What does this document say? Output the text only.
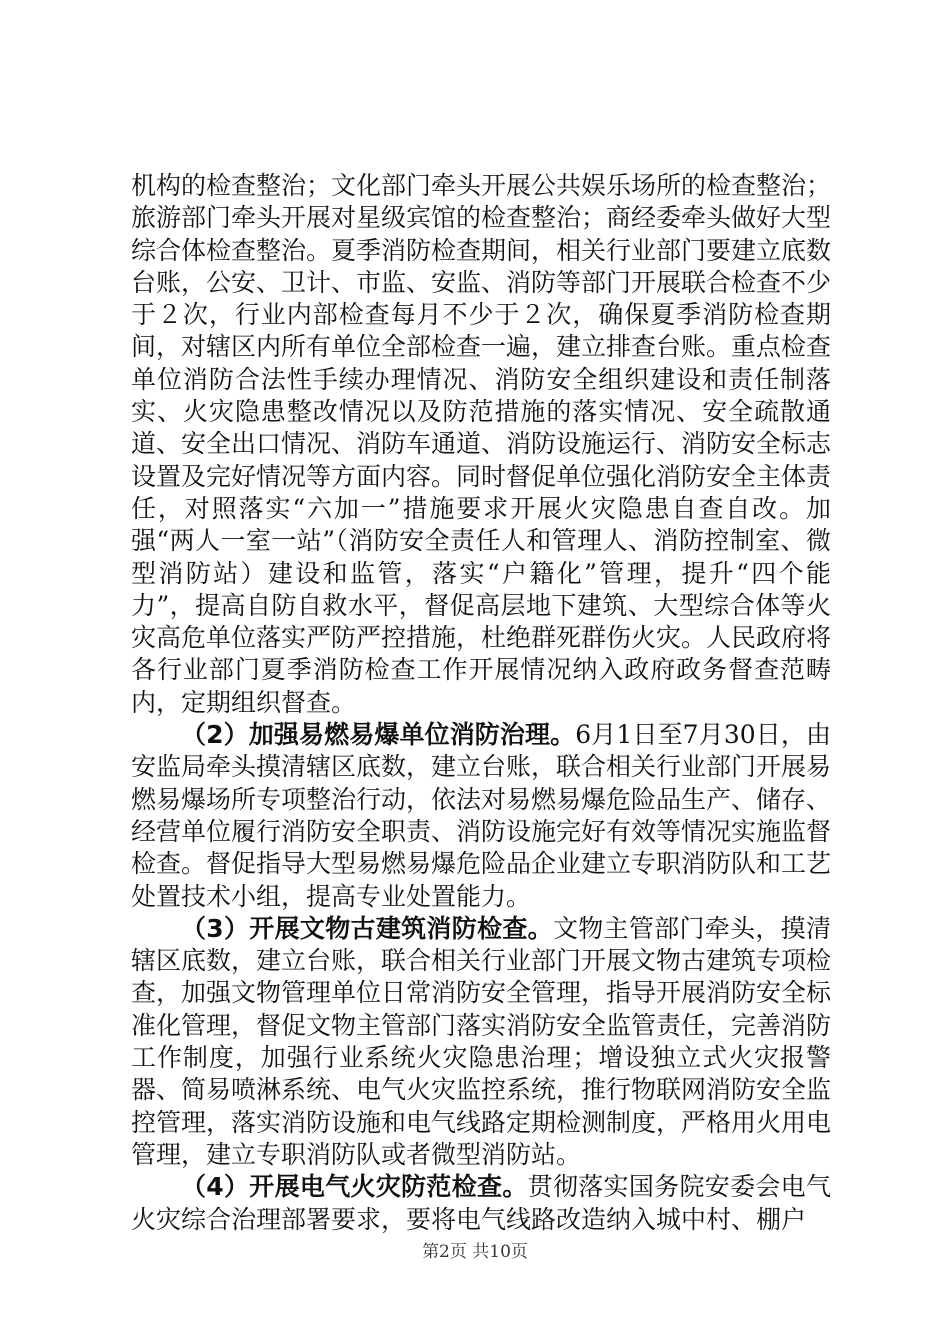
机构的检查整治；文化部门牵头开展公共娱乐场所的检查整治；旅游部门牵头开展对星级宾馆的检查整治；商经委牵头做好大型综合体检查整治。夏季消防检查期间，相关行业部门要建立底数台账，公安、卫计、市监、安监、消防等部门开展联合检查不少于２次，行业内部检查每月不少于２次，确保夏季消防检查期间，对辖区内所有单位全部检查一遍，建立排查台账。重点检查单位消防合法性手续办理情况、消防安全组织建设和责任制落实、火灾隐患整改情况以及防范措施的落实情况、安全疏散通道、安全出口情况、消防车通道、消防设施运行、消防安全标志设置及完好情况等方面内容。同时督促单位强化消防安全主体责任，对照落实“六加一”措施要求开展火灾隐患自查自改。加强“两人一室一站”（消防安全责任人和管理人、消防控制室、微型消防站）建设和监管，落实“户籍化”管理，提升“四个能力”，提高自防自救水平，督促高层地下建筑、大型综合体等火灾高危单位落实严防严控措施，杜绝群死群伤火灾。人民政府将各行业部门夏季消防检查工作开展情况纳入政府政务督查范畴内，定期组织督查。

（2）加强易燃易爆单位消防治理。6月1日至7月30日，由安监局牵头摸清辖区底数，建立台账，联合相关行业部门开展易燃易爆场所专项整治行动，依法对易燃易爆危险品生产、储存、经营单位履行消防安全职责、消防设施完好有效等情况实施监督检查。督促指导大型易燃易爆危险品企业建立专职消防队和工艺处置技术小组，提高专业处置能力。

（3）开展文物古建筑消防检查。文物主管部门牵头，摸清辖区底数，建立台账，联合相关行业部门开展文物古建筑专项检查，加强文物管理单位日常消防安全管理，指导开展消防安全标准化管理，督促文物主管部门落实消防安全监管责任，完善消防工作制度，加强行业系统火灾隐患治理；增设独立式火灾报警器、简易喷淋系统、电气火灾监控系统，推行物联网消防安全监控管理，落实消防设施和电气线路定期检测制度，严格用火用电管理，建立专职消防队或者微型消防站。

（4）开展电气火灾防范检查。贯彻落实国务院安委会电气火灾综合治理部署要求，要将电气线路改造纳入城中村、棚户

第2页 共10页
